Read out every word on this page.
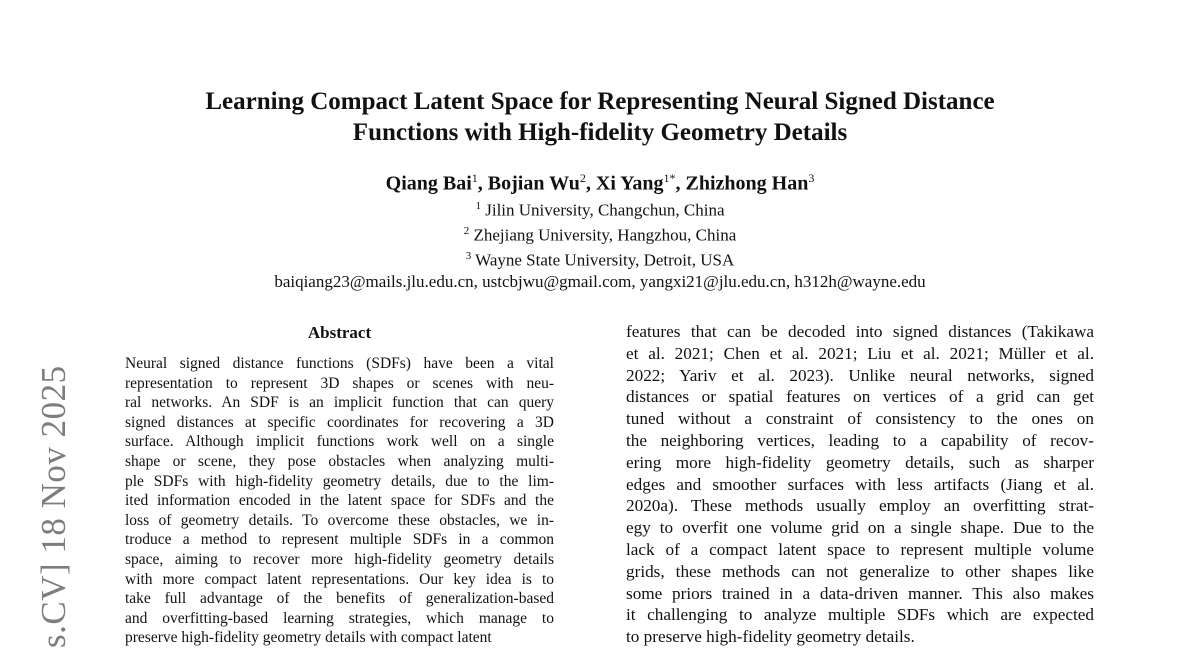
s.CV] 18 Nov 2025
Learning Compact Latent Space for Representing Neural Signed Distance
Functions with High-fidelity Geometry Details
Qiang Bai$^1$, Bojian Wu$^2$, Xi Yang$^{1*}$, Zhizhong Han$^3$
$^1$ Jilin University, Changchun, China
$^2$ Zhejiang University, Hangzhou, China
$^3$ Wayne State University, Detroit, USA
baiqiang23@mails.jlu.edu.cn, ustcbjwu@gmail.com, yangxi21@jlu.edu.cn, h312h@wayne.edu
Abstract
Neural signed distance functions (SDFs) have been a vital
representation to represent 3D shapes or scenes with neu-
ral networks. An SDF is an implicit function that can query
signed distances at specific coordinates for recovering a 3D
surface. Although implicit functions work well on a single
shape or scene, they pose obstacles when analyzing multi-
ple SDFs with high-fidelity geometry details, due to the lim-
ited information encoded in the latent space for SDFs and the
loss of geometry details. To overcome these obstacles, we in-
troduce a method to represent multiple SDFs in a common
space, aiming to recover more high-fidelity geometry details
with more compact latent representations. Our key idea is to
take full advantage of the benefits of generalization-based
and overfitting-based learning strategies, which manage to
preserve high-fidelity geometry details with compact latent
features that can be decoded into signed distances (Takikawa
et al. 2021; Chen et al. 2021; Liu et al. 2021; Müller et al.
2022; Yariv et al. 2023). Unlike neural networks, signed
distances or spatial features on vertices of a grid can get
tuned without a constraint of consistency to the ones on
the neighboring vertices, leading to a capability of recov-
ering more high-fidelity geometry details, such as sharper
edges and smoother surfaces with less artifacts (Jiang et al.
2020a). These methods usually employ an overfitting strat-
egy to overfit one volume grid on a single shape. Due to the
lack of a compact latent space to represent multiple volume
grids, these methods can not generalize to other shapes like
some priors trained in a data-driven manner. This also makes
it challenging to analyze multiple SDFs which are expected
to preserve high-fidelity geometry details.
